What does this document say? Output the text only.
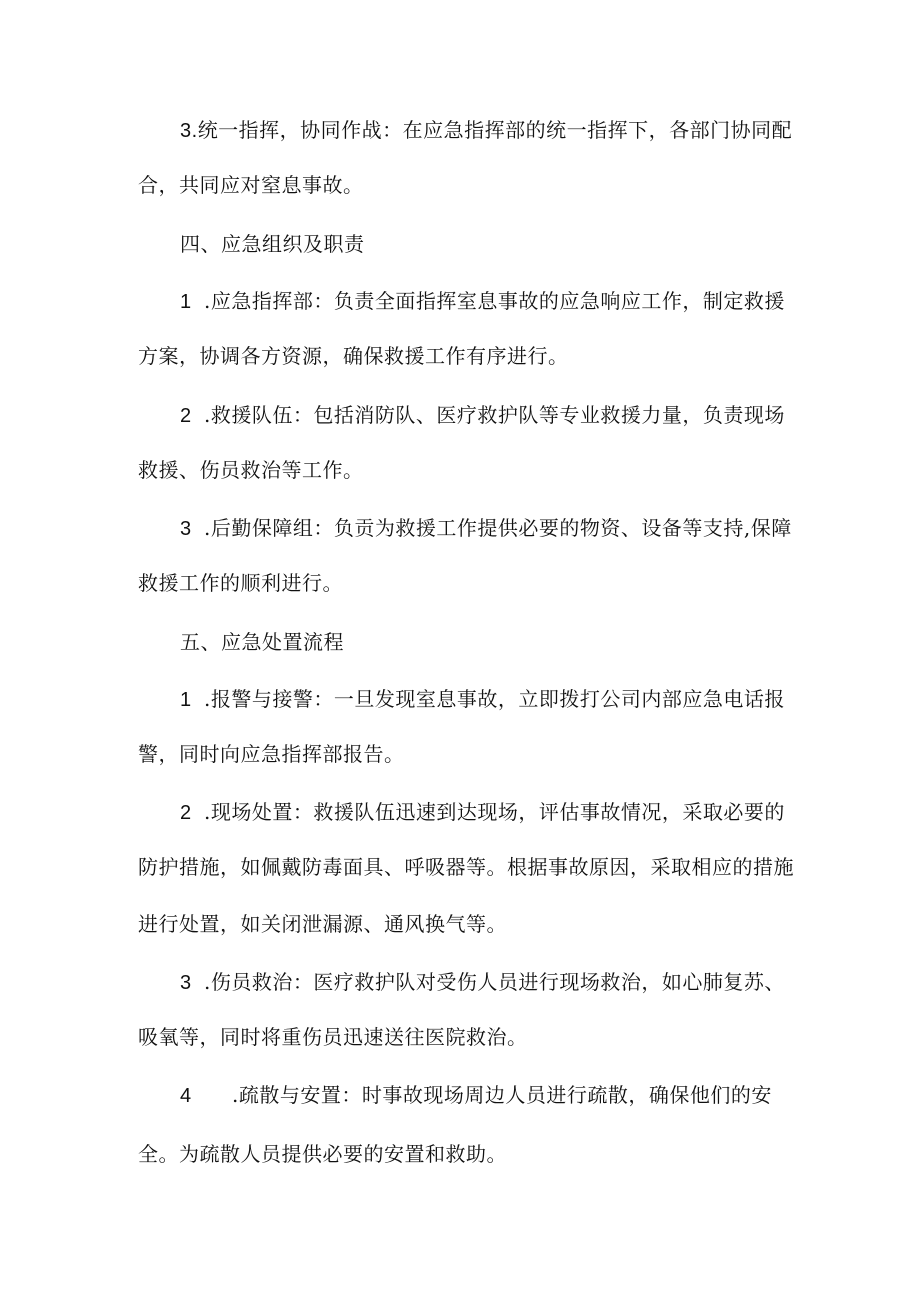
3.统一指挥，协同作战：在应急指挥部的统一指挥下，各部门协同配
合，共同应对窒息事故。
四、应急组织及职责
1 .应急指挥部：负责全面指挥室息事故的应急响应工作，制定救援
方案，协调各方资源，确保救援工作有序进行。
2 .救援队伍：包括消防队、医疗救护队等专业救援力量，负责现场
救援、伤员救治等工作。
3 .后勤保障组：负贡为救援工作提供必要的物资、设备等支持,保障
救援工作的顺利进行。
五、应急处置流程
1 .报警与接警：一旦发现室息事故，立即拨打公司内部应急电话报
警，同时向应急指挥部报告。
2 .现场处置：救援队伍迅速到达现场，评估事故情况，采取必要的
防护措施，如佩戴防毒面具、呼吸器等。根据事故原因，采取相应的措施
进行处置，如关闭泄漏源、通风换气等。
3 .伤员救治：医疗救护队对受伤人员进行现场救治，如心肺复苏、
吸氧等，同时将重伤员迅速送往医院救治。
4 .疏散与安置：时事故现场周边人员进行疏散，确保他们的安
全。为疏散人员提供必要的安置和救助。
